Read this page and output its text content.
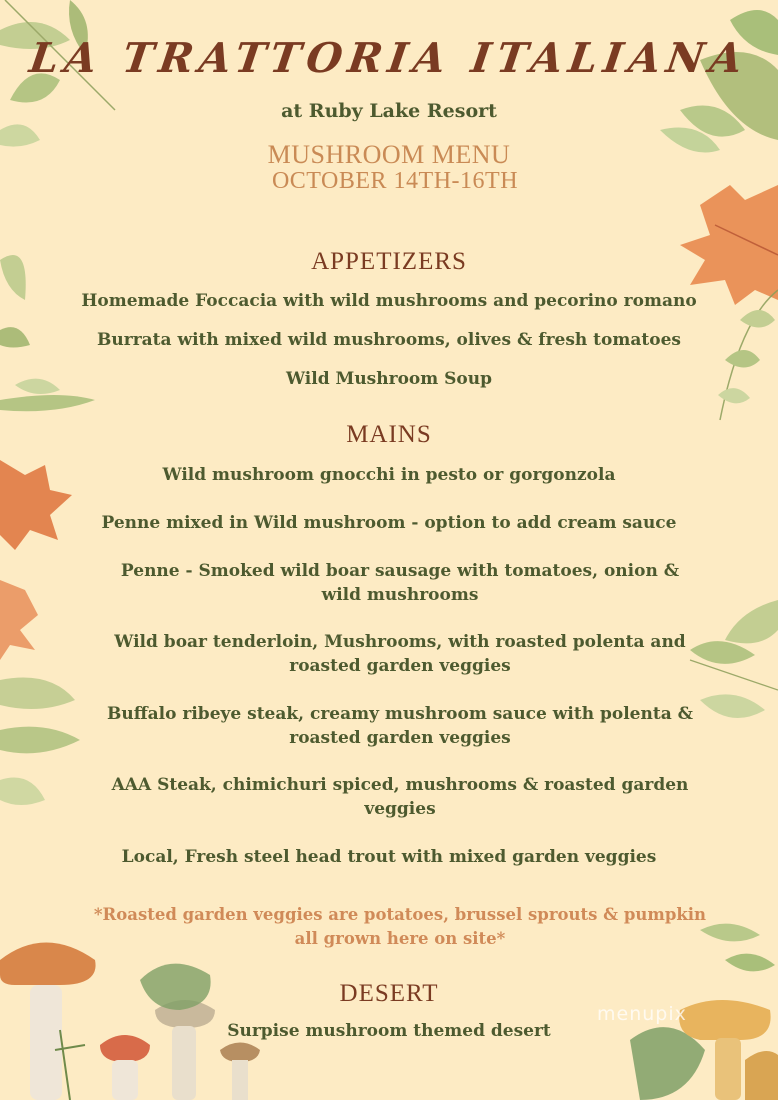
LA TRATTORIA ITALIANA
at Ruby Lake Resort
MUSHROOM MENU
OCTOBER 14TH-16TH
APPETIZERS
Homemade Foccacia with wild mushrooms and pecorino romano
Burrata with mixed wild mushrooms, olives & fresh tomatoes
Wild Mushroom Soup
MAINS
Wild mushroom gnocchi in pesto or gorgonzola
Penne mixed in Wild mushroom - option to add cream sauce
Penne - Smoked wild boar sausage with tomatoes, onion & wild mushrooms
Wild boar tenderloin, Mushrooms, with roasted polenta and roasted garden veggies
Buffalo ribeye steak, creamy mushroom sauce with polenta & roasted garden veggies
AAA Steak, chimichuri spiced, mushrooms & roasted garden veggies
Local, Fresh steel head trout with mixed garden veggies
*Roasted garden veggies are potatoes, brussel sprouts & pumpkin all grown here on site*
DESERT
Surpise mushroom themed desert
menupix
